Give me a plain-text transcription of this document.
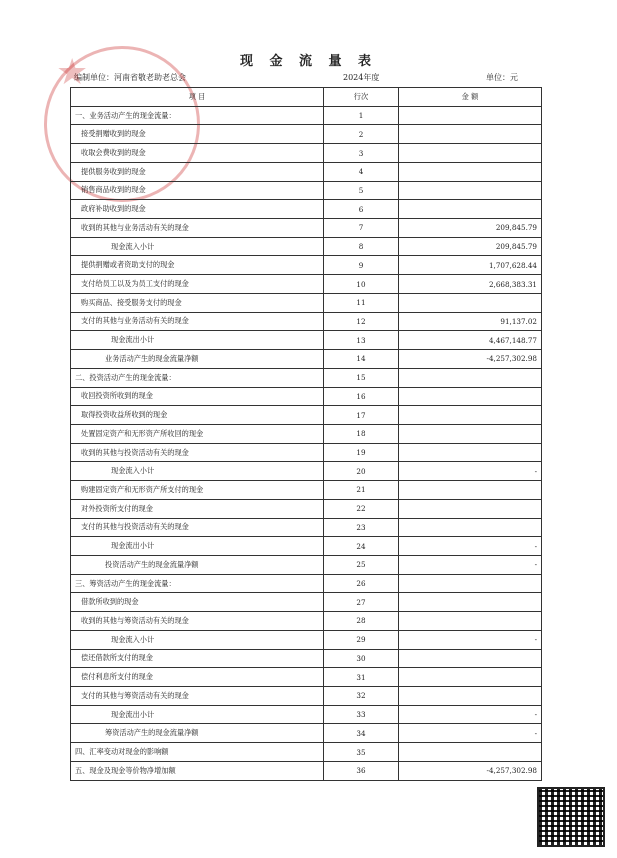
现 金 流 量 表
编制单位：河南省敬老助老总会	2024年度	单位：元
★
项 目	行次	金 额
一、业务活动产生的现金流量：	1	
接受捐赠收到的现金	2	
收取会费收到的现金	3	
提供服务收到的现金	4	
销售商品收到的现金	5	
政府补助收到的现金	6	
收到的其他与业务活动有关的现金	7	209,845.79
现金流入小计	8	209,845.79
提供捐赠或者资助支付的现金	9	1,707,628.44
支付给员工以及为员工支付的现金	10	2,668,383.31
购买商品、接受服务支付的现金	11	
支付的其他与业务活动有关的现金	12	91,137.02
现金流出小计	13	4,467,148.77
业务活动产生的现金流量净额	14	-4,257,302.98
二、投资活动产生的现金流量：	15	
收回投资所收到的现金	16	
取得投资收益所收到的现金	17	
处置固定资产和无形资产所收回的现金	18	
收到的其他与投资活动有关的现金	19	
现金流入小计	20	-
购建固定资产和无形资产所支付的现金	21	
对外投资所支付的现金	22	
支付的其他与投资活动有关的现金	23	
现金流出小计	24	-
投资活动产生的现金流量净额	25	-
三、筹资活动产生的现金流量：	26	
借款所收到的现金	27	
收到的其他与筹资活动有关的现金	28	
现金流入小计	29	-
偿还借款所支付的现金	30	
偿付利息所支付的现金	31	
支付的其他与筹资活动有关的现金	32	
现金流出小计	33	-
筹资活动产生的现金流量净额	34	-
四、汇率变动对现金的影响额	35	
五、现金及现金等价物净增加额	36	-4,257,302.98
